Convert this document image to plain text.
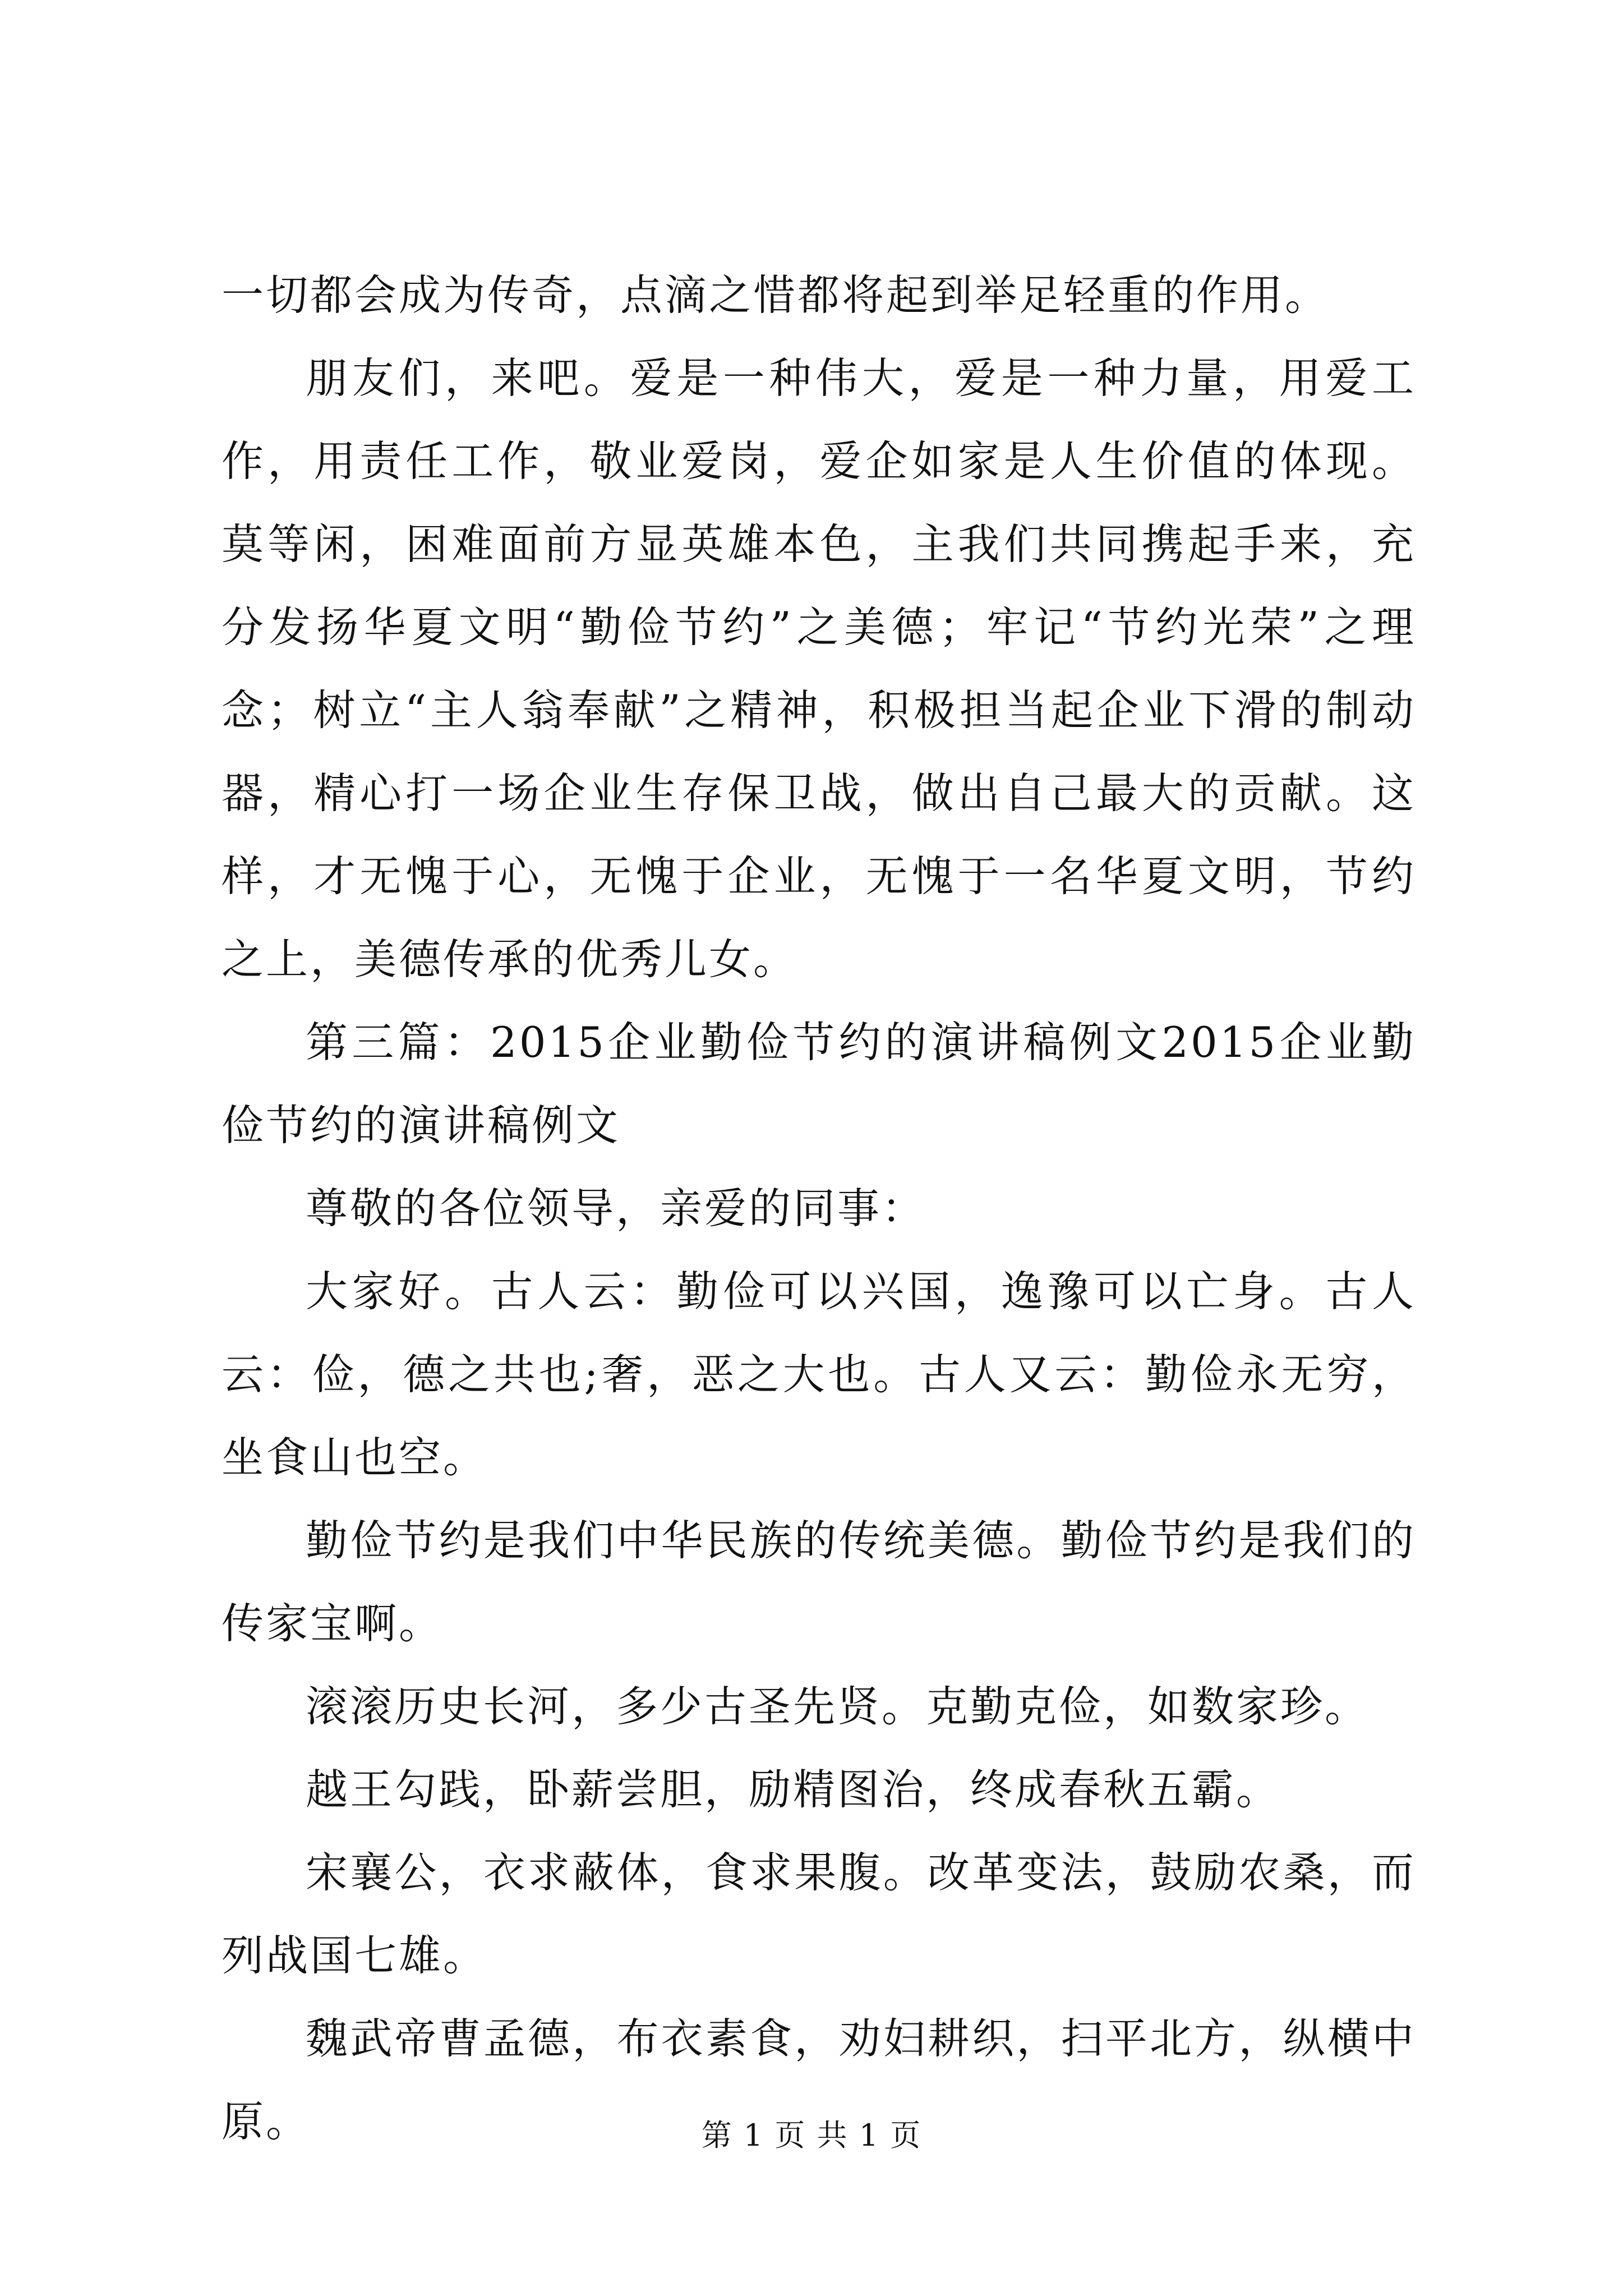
一切都会成为传奇，点滴之惜都将起到举足轻重的作用。

朋友们，来吧。爱是一种伟大，爱是一种力量，用爱工作，用责任工作，敬业爱岗，爱企如家是人生价值的体现。莫等闲，困难面前方显英雄本色，主我们共同携起手来，充分发扬华夏文明“勤俭节约”之美德；牢记“节约光荣”之理念；树立“主人翁奉献”之精神，积极担当起企业下滑的制动器，精心打一场企业生存保卫战，做出自己最大的贡献。这样，才无愧于心，无愧于企业，无愧于一名华夏文明，节约之上，美德传承的优秀儿女。

第三篇：2015企业勤俭节约的演讲稿例文2015企业勤俭节约的演讲稿例文

尊敬的各位领导，亲爱的同事：

大家好。古人云：勤俭可以兴国，逸豫可以亡身。古人云：俭，德之共也;奢，恶之大也。古人又云：勤俭永无穷，坐食山也空。

勤俭节约是我们中华民族的传统美德。勤俭节约是我们的传家宝啊。

滚滚历史长河，多少古圣先贤。克勤克俭，如数家珍。

越王勾践，卧薪尝胆，励精图治，终成春秋五霸。

宋襄公，衣求蔽体，食求果腹。改革变法，鼓励农桑，而列战国七雄。

魏武帝曹孟德，布衣素食，劝妇耕织，扫平北方，纵横中原。	第 1 页 共 1 页
